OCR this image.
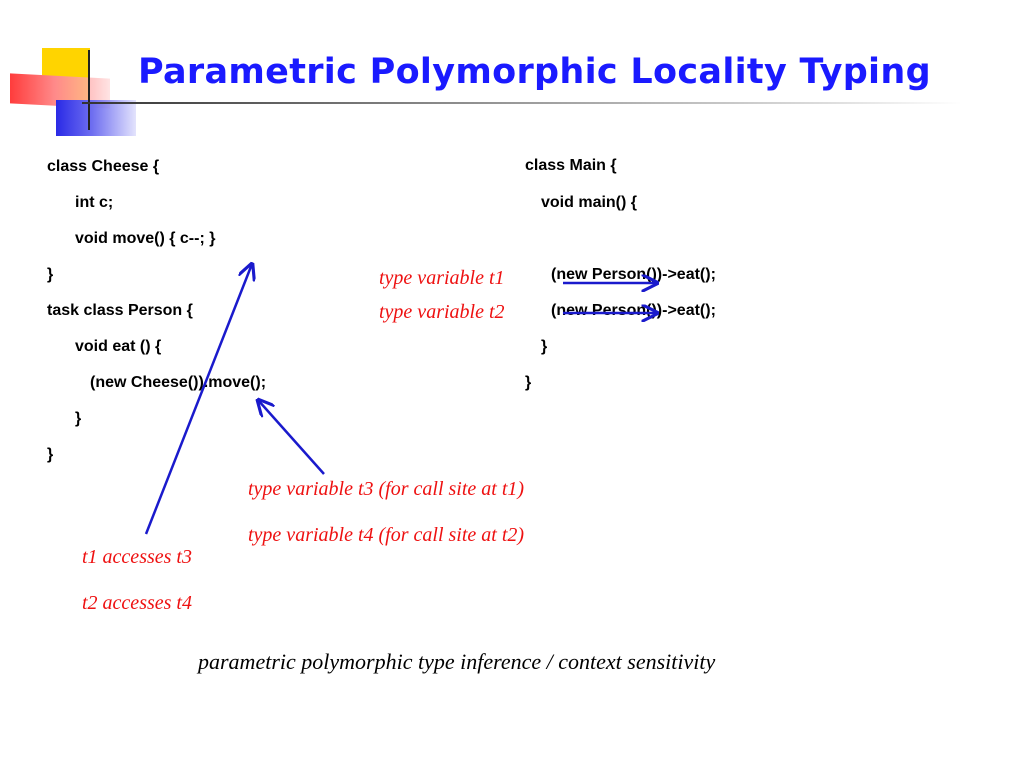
Parametric Polymorphic Locality Typing
class Cheese {
int c;
void move() { c--; }
}
task class Person {
void eat () {
(new Cheese()).move();
}
}
class Main {
void main() {
(new Person())->eat();
(new Person())->eat();
}
}
type variable t1
type variable t2
type variable t3 (for call site at t1)
type variable t4 (for call site at t2)
t1 accesses t3
t2 accesses t4
parametric polymorphic type inference / context sensitivity
